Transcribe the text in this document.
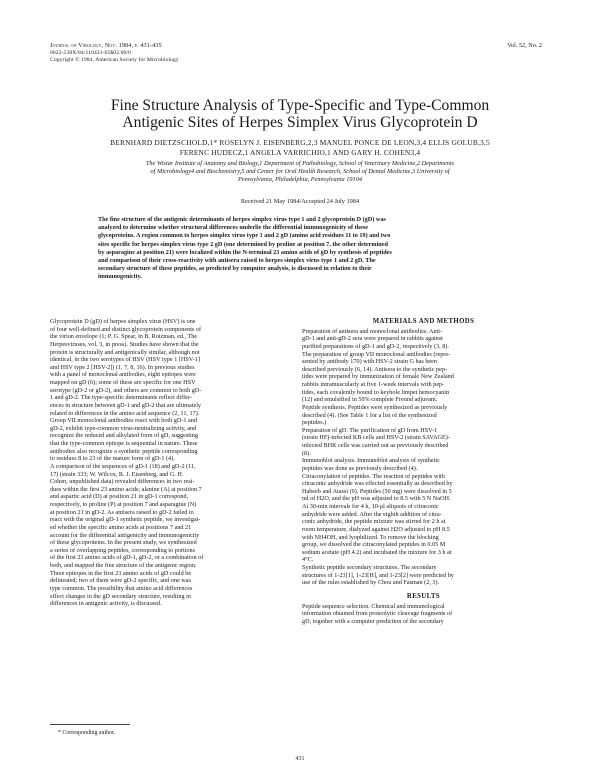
Journal of Virology, Nov. 1984, p. 431-435
0022-538X/84/110431-05$02.00/0
Copyright © 1984, American Society for Microbiology
Vol. 52, No. 2
Fine Structure Analysis of Type-Specific and Type-Common
Antigenic Sites of Herpes Simplex Virus Glycoprotein D
BERNHARD DIETZSCHOLD,1* ROSELYN J. EISENBERG,2,3 MANUEL PONCE DE LEON,3,4 ELLIS GOLUB,3,5
FERENC HUDECZ,1 ANGELA VARRICHIO,1 AND GARY H. COHEN3,4
The Wistar Institute of Anatomy and Biology,1 Department of Pathobiology, School of Veterinary Medicine,2 Departments
of Microbiology4 and Biochemistry,5 and Center for Oral Health Research, School of Dental Medicine,3 University of
Pennsylvania, Philadelphia, Pennsylvania 19104
Received 21 May 1984/Accepted 24 July 1984
The fine structure of the antigenic determinants of herpes simplex virus type 1 and 2 glycoprotein D (gD) was
analyzed to determine whether structural differences underlie the differential immunogenicity of these
glycoproteins. A region common to herpes simplex virus type 1 and 2 gD (amino acid residues 11 to 19) and two
sites specific for herpes simplex virus type 2 gD (one determined by proline at position 7, the other determined
by asparagine at position 21) were localized within the N-terminal 23 amino acids of gD by synthesis of peptides
and comparison of their cross-reactivity with antisera raised to herpes simplex virus type 1 and 2 gD. The
secondary structure of these peptides, as predicted by computer analysis, is discussed in relation to their
immunogenicity.
Glycoprotein D (gD) of herpes simplex virus (HSV) is one
of four well-defined and distinct glycoprotein components of
the virion envelope (1; P. G. Spear, in B. Roizman, ed., The
Herpesviruses, vol. 3, in press). Studies have shown that the
protein is structurally and antigenically similar, although not
identical, in the two serotypes of HSV (HSV type 1 [HSV-1]
and HSV type 2 [HSV-2]) (1, 7, 8, 16). In previous studies
with a panel of monoclonal antibodies, eight epitopes were
mapped on gD (6); some of these are specific for one HSV
serotype (gD-2 or gD-2), and others are common to both gD-
1 and gD-2. The type-specific determinants reflect differ-
ences in structure between gD-1 and gD-2 that are ultimately
related to differences in the amino acid sequence (2, 11, 17).
Group VII monoclonal antibodies react with both gD-1 and
gD-2, exhibit type-common virus-neutralizing activity, and
recognize the reduced and alkylated form of gD, suggesting
that the type-common epitope is sequential in nature. These
antibodies also recognize a synthetic peptide corresponding
to residues 8 to 23 of the mature form of gD-1 (4).
A comparison of the sequences of gD-1 (18) and gD-2 (11,
17) (strain 333; W. Wilcox, R. J. Eisenberg, and G. H.
Cohen, unpublished data) revealed differences in two resi-
dues within the first 23 amino acids; alanine (A) at position 7
and aspartic acid (D) at position 21 in gD-1 correspond,
respectively, to proline (P) at position 7 and asparagine (N)
at position 21 in gD-2. As antisera raised to gD-2 failed to
react with the original gD-1 synthetic peptide, we investigat-
ed whether the specific amino acids at positions 7 and 21
account for the differential antigenicity and immunogenicity
of these glycoproteins. In the present study, we synthesized
a series of overlapping peptides, corresponding to portions
of the first 23 amino acids of gD-1, gD-2, or a combination of
both, and mapped the fine structure of the antigenic region.
Three epitopes in the first 23 amino acids of gD could be
delineated; two of them were gD-2 specific, and one was
type common. The possibility that amino acid differences
effect changes in the gD secondary structure, resulting in
differences in antigenic activity, is discussed.
MATERIALS AND METHODS
Preparation of antisera and monoclonal antibodies. Anti-
gD-1 and anti-gD-2 sera were prepared in rabbits against
purified preparations of gD-1 and gD-2, respectively (3, 8).
The preparation of group VII monoclonal antibodies (repre-
sented by antibody 170) with HSV-2 strain G has been
described previously (6, 14). Antisera to the synthetic pep-
tides were prepared by immunization of female New Zealand
rabbits intramuscularly at five 1-week intervals with pep-
tides, each covalently bound to keyhole limpet hemocyanin
(12) and emulsified in 50% complete Freund adjuvant.
Peptide synthesis. Peptides were synthesized as previously
described (4). (See Table 1 for a list of the synthesized
peptides.)
Preparation of gD. The purification of gD from HSV-1
(strain HF)-infected KB cells and HSV-2 (strain SAVAGE)-
infected BHK cells was carried out as previously described
(8).
Immunoblot analysis. Immunoblot analysis of synthetic
peptides was done as previously described (4).
Citraconylation of peptides. The reaction of peptides with
citraconic anhydride was effected essentially as described by
Habeeb and Atassi (9). Peptides (50 mg) were dissolved in 5
ml of H2O, and the pH was adjusted to 8.5 with 5 N NaOH.
At 30-min intervals for 4 h, 10-μl aliquots of citraconic
anhydride were added. After the eighth addition of citra-
conic anhydride, the peptide mixture was stirred for 2 h at
room temperature, dialyzed against H2O adjusted to pH 8.5
with NH4OH, and lyophilized. To remove the blocking
group, we dissolved the citraconylated peptides in 0.05 M
sodium acetate (pH 4.2) and incubated the mixture for 3 h at
4°C.
Synthetic peptide secondary structures. The secondary
structures of 1-23[1], 1-23[H], and 1-23[2] were predicted by
use of the rules established by Chou and Fasman (2, 3).
RESULTS
Peptide sequence selection. Chemical and immunological
information obtained from proteolytic cleavage fragments of
gD, together with a computer prediction of the secondary
* Corresponding author.
431
